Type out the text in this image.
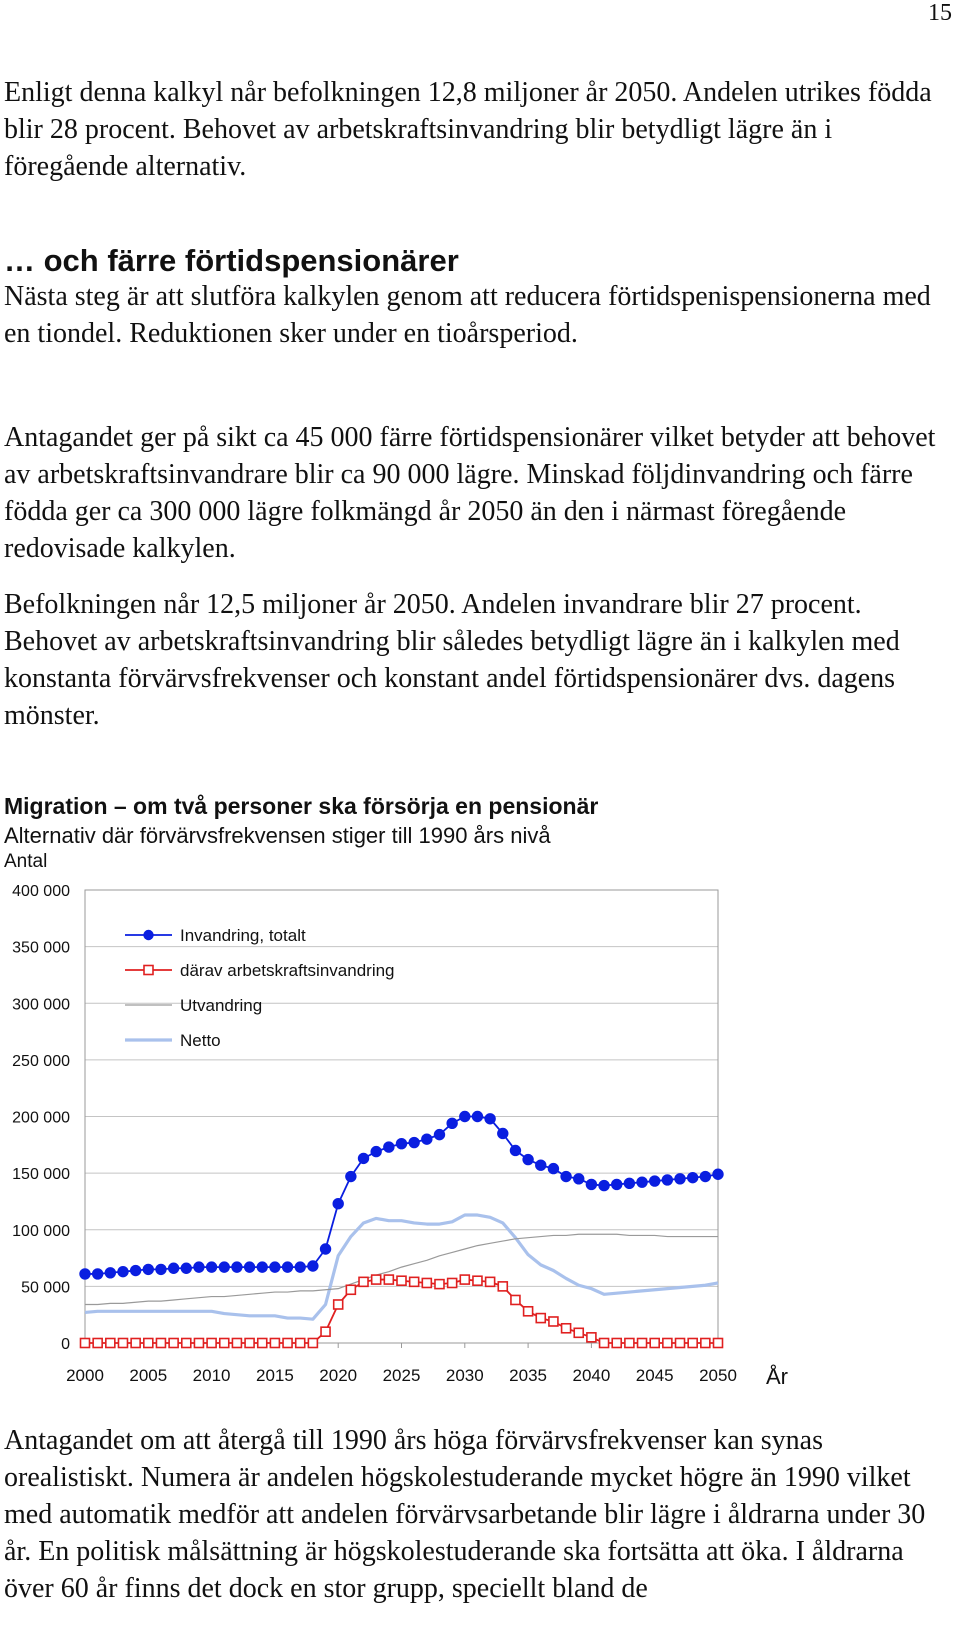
15

Enligt denna kalkyl når befolkningen 12,8 miljoner år 2050. Andelen utrikes födda blir 28 procent. Behovet av arbetskraftsinvandring blir betydligt lägre än i föregående alternativ.

… och färre förtidspensionärer

Nästa steg är att slutföra kalkylen genom att reducera förtidspenispensionerna med en tiondel. Reduktionen sker under en tioårsperiod.

Antagandet ger på sikt ca 45 000 färre förtidspensionärer vilket betyder att behovet av arbetskraftsinvandrare blir ca 90 000 lägre. Minskad följdinvandring och färre födda ger ca 300 000 lägre folkmängd år 2050 än den i närmast föregående redovisade kalkylen.

Befolkningen når 12,5 miljoner år 2050. Andelen invandrare blir 27 procent. Behovet av arbetskraftsinvandring blir således betydligt lägre än i kalkylen med konstanta förvärvsfrekvenser och konstant andel förtidspensionärer dvs. dagens mönster.

Migration – om två personer ska försörja en pensionär
Alternativ där förvärvsfrekvensen stiger till 1990 års nivå
Antal
0
50 000
100 000
150 000
200 000
250 000
300 000
350 000
400 000
2000 2005 2010 2015 2020 2025 2030 2035 2040 2045 2050
Invandring, totalt
därav arbetskraftsinvandring
Utvandring
Netto
År

Antagandet om att återgå till 1990 års höga förvärvsfrekvenser kan synas orealistiskt. Numera är andelen högskolestuderande mycket högre än 1990 vilket med automatik medför att andelen förvärvsarbetande blir lägre i åldrarna under 30 år. En politisk målsättning är högskolestuderande ska fortsätta att öka. I åldrarna över 60 år finns det dock en stor grupp, speciellt bland de
